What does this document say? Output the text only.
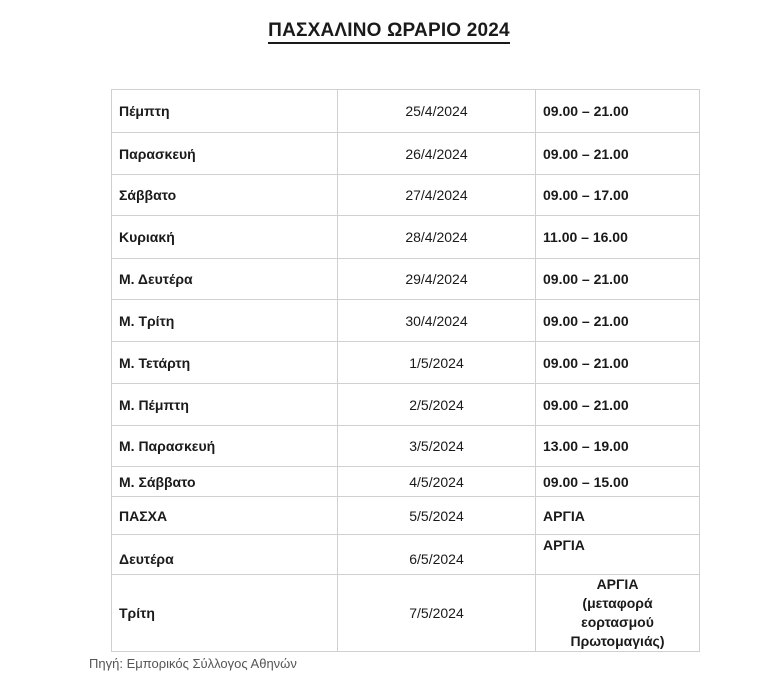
ΠΑΣΧΑΛΙΝΟ ΩΡΑΡΙΟ 2024
Πέμπτη	25/4/2024	09.00 – 21.00
Παρασκευή	26/4/2024	09.00 – 21.00
Σάββατο	27/4/2024	09.00 – 17.00
Κυριακή	28/4/2024	11.00 – 16.00
Μ. Δευτέρα	29/4/2024	09.00 – 21.00
Μ. Τρίτη	30/4/2024	09.00 – 21.00
Μ. Τετάρτη	1/5/2024	09.00 – 21.00
Μ. Πέμπτη	2/5/2024	09.00 – 21.00
Μ. Παρασκευή	3/5/2024	13.00 – 19.00
Μ. Σάββατο	4/5/2024	09.00 – 15.00
ΠΑΣΧΑ	5/5/2024	ΑΡΓΙΑ
Δευτέρα	6/5/2024	ΑΡΓΙΑ
Τρίτη	7/5/2024	ΑΡΓΙΑ (μεταφορά εορτασμού Πρωτομαγιάς)
Πηγή: Εμπορικός Σύλλογος Αθηνών
